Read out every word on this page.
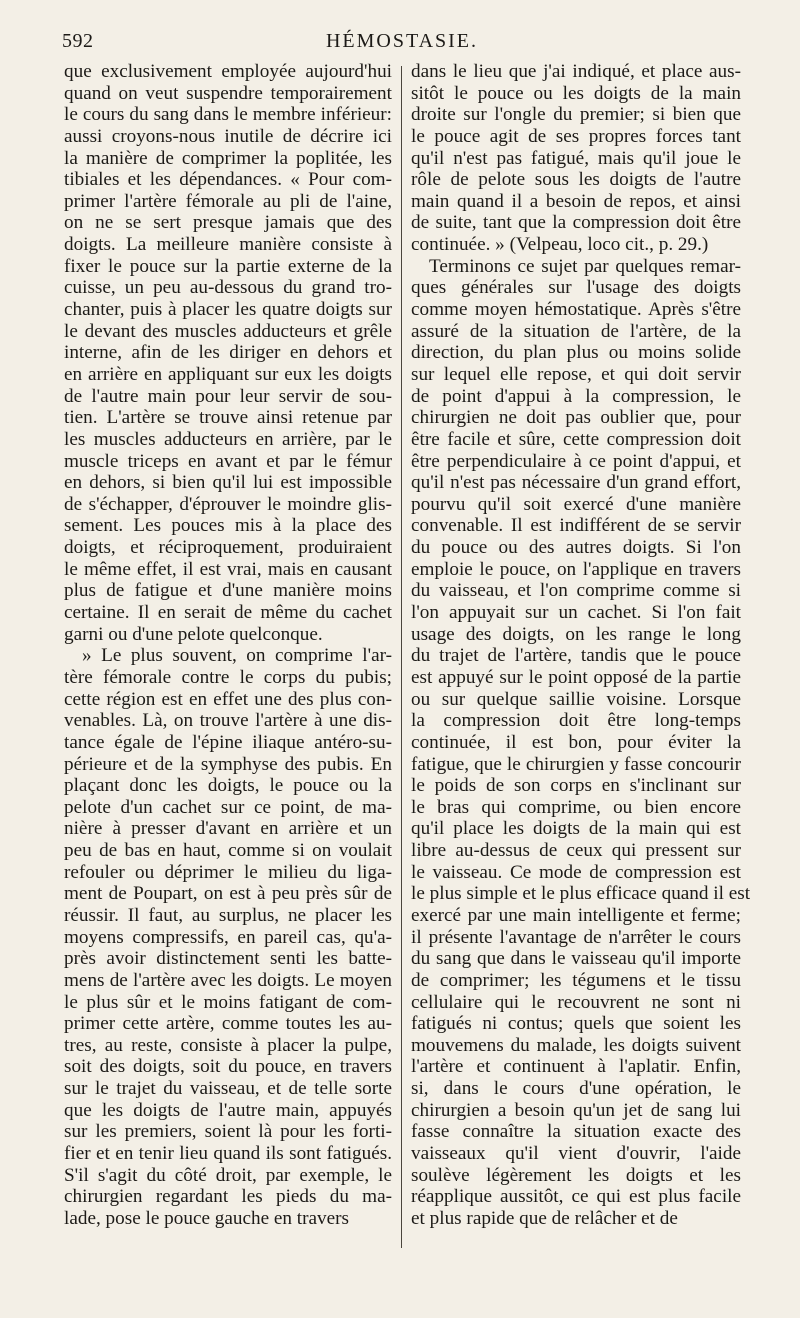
592	HÉMOSTASIE.
que exclusivement employée aujourd'hui
quand on veut suspendre temporairement
le cours du sang dans le membre inférieur:
aussi croyons-nous inutile de décrire ici
la manière de comprimer la poplitée, les
tibiales et les dépendances. « Pour com-
primer l'artère fémorale au pli de l'aine,
on ne se sert presque jamais que des
doigts. La meilleure manière consiste à
fixer le pouce sur la partie externe de la
cuisse, un peu au-dessous du grand tro-
chanter, puis à placer les quatre doigts sur
le devant des muscles adducteurs et grêle
interne, afin de les diriger en dehors et
en arrière en appliquant sur eux les doigts
de l'autre main pour leur servir de sou-
tien. L'artère se trouve ainsi retenue par
les muscles adducteurs en arrière, par le
muscle triceps en avant et par le fémur
en dehors, si bien qu'il lui est impossible
de s'échapper, d'éprouver le moindre glis-
sement. Les pouces mis à la place des
doigts, et réciproquement, produiraient
le même effet, il est vrai, mais en causant
plus de fatigue et d'une manière moins
certaine. Il en serait de même du cachet
garni ou d'une pelote quelconque.
» Le plus souvent, on comprime l'ar-
tère fémorale contre le corps du pubis;
cette région est en effet une des plus con-
venables. Là, on trouve l'artère à une dis-
tance égale de l'épine iliaque antéro-su-
périeure et de la symphyse des pubis. En
plaçant donc les doigts, le pouce ou la
pelote d'un cachet sur ce point, de ma-
nière à presser d'avant en arrière et un
peu de bas en haut, comme si on voulait
refouler ou déprimer le milieu du liga-
ment de Poupart, on est à peu près sûr de
réussir. Il faut, au surplus, ne placer les
moyens compressifs, en pareil cas, qu'a-
près avoir distinctement senti les batte-
mens de l'artère avec les doigts. Le moyen
le plus sûr et le moins fatigant de com-
primer cette artère, comme toutes les au-
tres, au reste, consiste à placer la pulpe,
soit des doigts, soit du pouce, en travers
sur le trajet du vaisseau, et de telle sorte
que les doigts de l'autre main, appuyés
sur les premiers, soient là pour les forti-
fier et en tenir lieu quand ils sont fatigués.
S'il s'agit du côté droit, par exemple, le
chirurgien regardant les pieds du ma-
lade, pose le pouce gauche en travers
dans le lieu que j'ai indiqué, et place aus-
sitôt le pouce ou les doigts de la main
droite sur l'ongle du premier; si bien que
le pouce agit de ses propres forces tant
qu'il n'est pas fatigué, mais qu'il joue le
rôle de pelote sous les doigts de l'autre
main quand il a besoin de repos, et ainsi
de suite, tant que la compression doit être
continuée. » (Velpeau, loco cit., p. 29.)
Terminons ce sujet par quelques remar-
ques générales sur l'usage des doigts
comme moyen hémostatique. Après s'être
assuré de la situation de l'artère, de la
direction, du plan plus ou moins solide
sur lequel elle repose, et qui doit servir
de point d'appui à la compression, le
chirurgien ne doit pas oublier que, pour
être facile et sûre, cette compression doit
être perpendiculaire à ce point d'appui, et
qu'il n'est pas nécessaire d'un grand effort,
pourvu qu'il soit exercé d'une manière
convenable. Il est indifférent de se servir
du pouce ou des autres doigts. Si l'on
emploie le pouce, on l'applique en travers
du vaisseau, et l'on comprime comme si
l'on appuyait sur un cachet. Si l'on fait
usage des doigts, on les range le long
du trajet de l'artère, tandis que le pouce
est appuyé sur le point opposé de la partie
ou sur quelque saillie voisine. Lorsque
la compression doit être long-temps
continuée, il est bon, pour éviter la
fatigue, que le chirurgien y fasse concourir
le poids de son corps en s'inclinant sur
le bras qui comprime, ou bien encore
qu'il place les doigts de la main qui est
libre au-dessus de ceux qui pressent sur
le vaisseau. Ce mode de compression est
le plus simple et le plus efficace quand il est
exercé par une main intelligente et ferme;
il présente l'avantage de n'arrêter le cours
du sang que dans le vaisseau qu'il importe
de comprimer; les tégumens et le tissu
cellulaire qui le recouvrent ne sont ni
fatigués ni contus; quels que soient les
mouvemens du malade, les doigts suivent
l'artère et continuent à l'aplatir. Enfin,
si, dans le cours d'une opération, le
chirurgien a besoin qu'un jet de sang lui
fasse connaître la situation exacte des
vaisseaux qu'il vient d'ouvrir, l'aide
soulève légèrement les doigts et les
réapplique aussitôt, ce qui est plus facile
et plus rapide que de relâcher et de
